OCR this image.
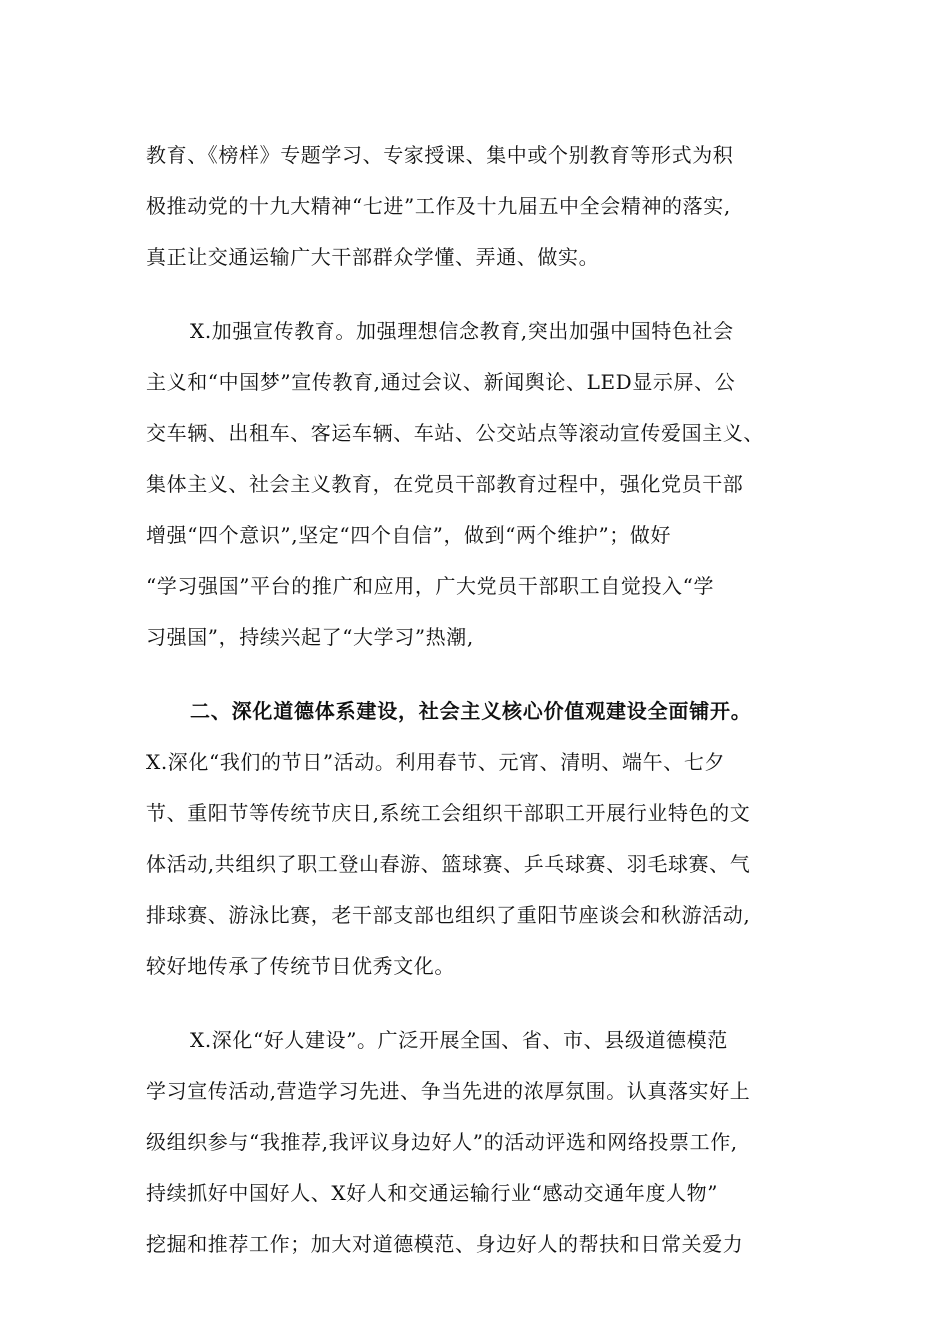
教育、《榜样》专题学习、专家授课、集中或个别教育等形式为积
极推动党的十九大精神“七进”工作及十九届五中全会精神的落实,
真正让交通运输广大干部群众学懂、弄通、做实。
X.加强宣传教育。加强理想信念教育,突出加强中国特色社会
主义和“中国梦”宣传教育,通过会议、新闻舆论、LED显示屏、公
交车辆、出租车、客运车辆、车站、公交站点等滚动宣传爱国主义、
集体主义、社会主义教育，在党员干部教育过程中，强化党员干部
增强“四个意识”,坚定“四个自信”，做到“两个维护”；做好
“学习强国”平台的推广和应用，广大党员干部职工自觉投入“学
习强国”，持续兴起了“大学习”热潮,
二、深化道德体系建设，社会主义核心价值观建设全面铺开。
X.深化“我们的节日”活动。利用春节、元宵、清明、端午、七夕
节、重阳节等传统节庆日,系统工会组织干部职工开展行业特色的文
体活动,共组织了职工登山春游、篮球赛、乒乓球赛、羽毛球赛、气
排球赛、游泳比赛，老干部支部也组织了重阳节座谈会和秋游活动,
较好地传承了传统节日优秀文化。
X.深化“好人建设”。广泛开展全国、省、市、县级道德模范
学习宣传活动,营造学习先进、争当先进的浓厚氛围。认真落实好上
级组织参与“我推荐,我评议身边好人”的活动评选和网络投票工作,
持续抓好中国好人、X好人和交通运输行业“感动交通年度人物”
挖掘和推荐工作；加大对道德模范、身边好人的帮扶和日常关爱力
